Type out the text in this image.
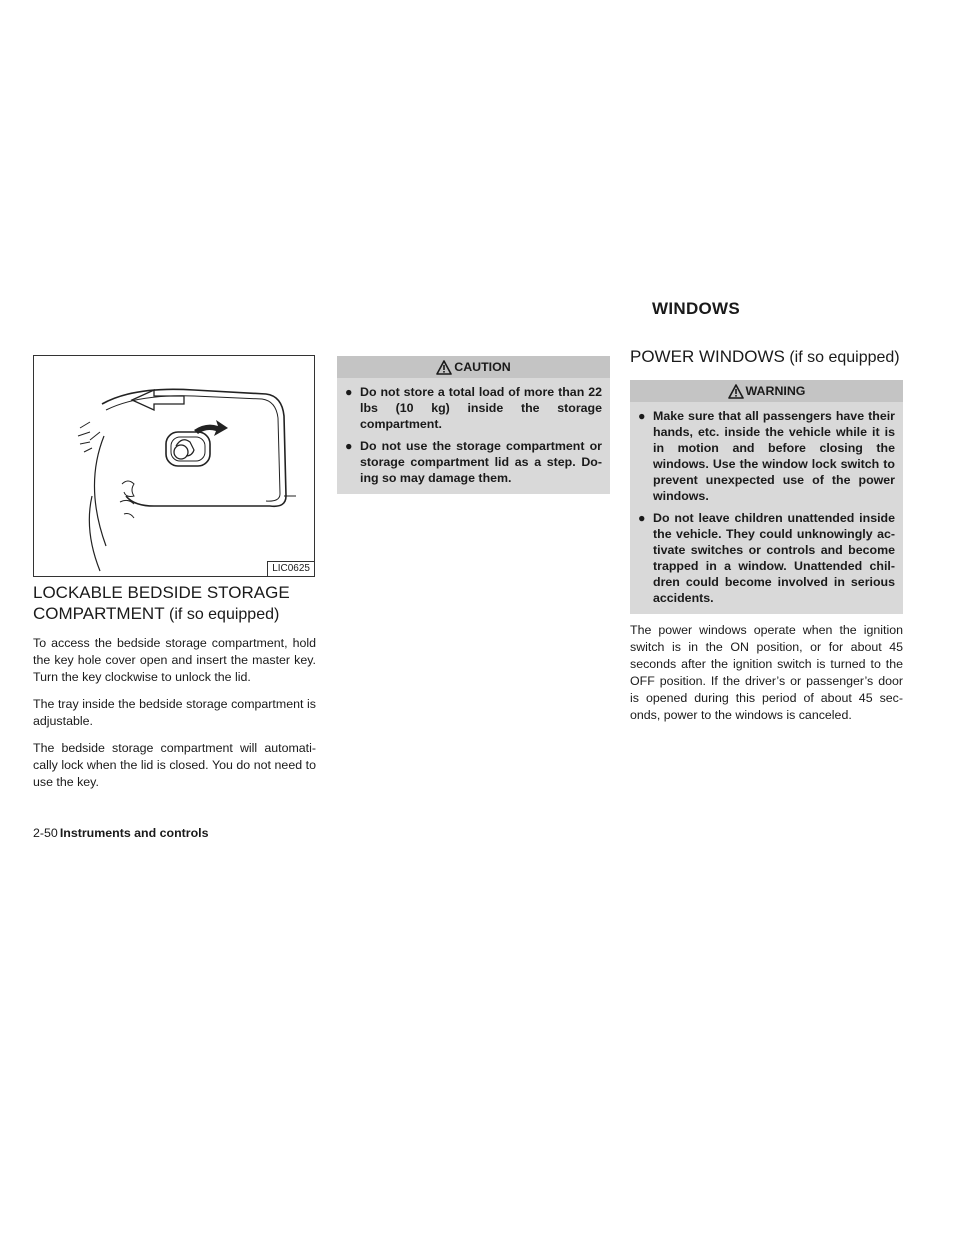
WINDOWS
LIC0625
LOCKABLE BEDSIDE STORAGE
COMPARTMENT (if so equipped)

To access the bedside storage compartment, hold the key hole cover open and insert the master key. Turn the key clockwise to unlock the lid.

The tray inside the bedside storage compartment is adjustable.

The bedside storage compartment will automati-cally lock when the lid is closed. You do not need to use the key.

CAUTION
● Do not store a total load of more than 22 lbs (10 kg) inside the storage compartment.
● Do not use the storage compartment or storage compartment lid as a step. Do-ing so may damage them.
POWER WINDOWS (if so equipped)
WARNING
● Make sure that all passengers have their hands, etc. inside the vehicle while it is in motion and before closing the windows. Use the window lock switch to prevent unexpected use of the power windows.
● Do not leave children unattended inside the vehicle. They could unknowingly ac-tivate switches or controls and become trapped in a window. Unattended chil-dren could become involved in serious accidents.

The power windows operate when the ignition switch is in the ON position, or for about 45 seconds after the ignition switch is turned to the OFF position. If the driver’s or passenger’s door is opened during this period of about 45 sec-onds, power to the windows is canceled.

2-50 Instruments and controls
